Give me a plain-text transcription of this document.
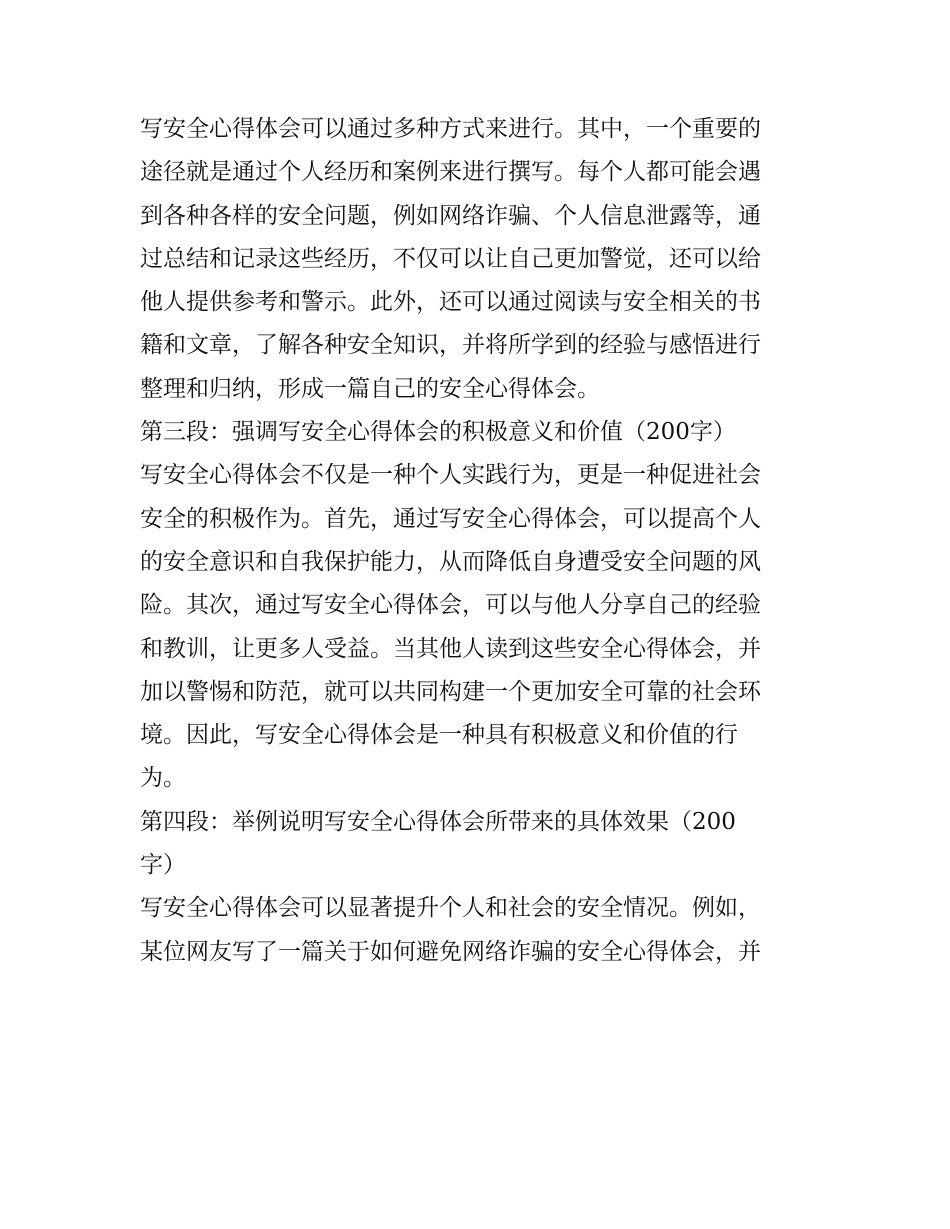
写安全心得体会可以通过多种方式来进行。其中，一个重要的
途径就是通过个人经历和案例来进行撰写。每个人都可能会遇
到各种各样的安全问题，例如网络诈骗、个人信息泄露等，通
过总结和记录这些经历，不仅可以让自己更加警觉，还可以给
他人提供参考和警示。此外，还可以通过阅读与安全相关的书
籍和文章，了解各种安全知识，并将所学到的经验与感悟进行
整理和归纳，形成一篇自己的安全心得体会。
第三段：强调写安全心得体会的积极意义和价值（200字）
写安全心得体会不仅是一种个人实践行为，更是一种促进社会
安全的积极作为。首先，通过写安全心得体会，可以提高个人
的安全意识和自我保护能力，从而降低自身遭受安全问题的风
险。其次，通过写安全心得体会，可以与他人分享自己的经验
和教训，让更多人受益。当其他人读到这些安全心得体会，并
加以警惕和防范，就可以共同构建一个更加安全可靠的社会环
境。因此，写安全心得体会是一种具有积极意义和价值的行
为。
第四段：举例说明写安全心得体会所带来的具体效果（200
字）
写安全心得体会可以显著提升个人和社会的安全情况。例如，
某位网友写了一篇关于如何避免网络诈骗的安全心得体会，并
